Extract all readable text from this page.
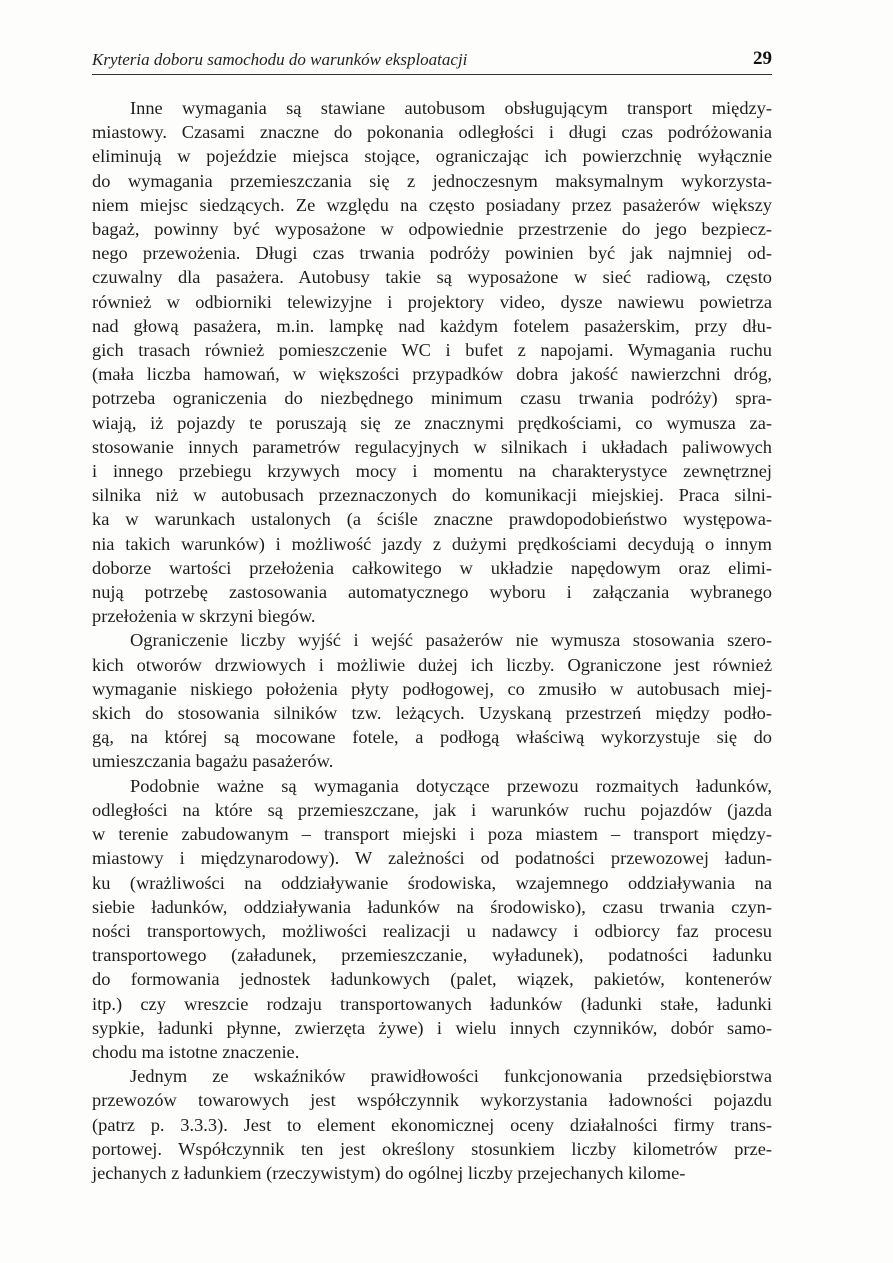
Kryteria doboru samochodu do warunków eksploatacji	29
Inne wymagania są stawiane autobusom obsługującym transport między-
miastowy. Czasami znaczne do pokonania odległości i długi czas podróżowania
eliminują w pojeździe miejsca stojące, ograniczając ich powierzchnię wyłącznie
do wymagania przemieszczania się z jednoczesnym maksymalnym wykorzysta-
niem miejsc siedzących. Ze względu na często posiadany przez pasażerów większy
bagaż, powinny być wyposażone w odpowiednie przestrzenie do jego bezpiecz-
nego przewożenia. Długi czas trwania podróży powinien być jak najmniej od-
czuwalny dla pasażera. Autobusy takie są wyposażone w sieć radiową, często
również w odbiorniki telewizyjne i projektory video, dysze nawiewu powietrza
nad głową pasażera, m.in. lampkę nad każdym fotelem pasażerskim, przy dłu-
gich trasach również pomieszczenie WC i bufet z napojami. Wymagania ruchu
(mała liczba hamowań, w większości przypadków dobra jakość nawierzchni dróg,
potrzeba ograniczenia do niezbędnego minimum czasu trwania podróży) spra-
wiają, iż pojazdy te poruszają się ze znacznymi prędkościami, co wymusza za-
stosowanie innych parametrów regulacyjnych w silnikach i układach paliwowych
i innego przebiegu krzywych mocy i momentu na charakterystyce zewnętrznej
silnika niż w autobusach przeznaczonych do komunikacji miejskiej. Praca silni-
ka w warunkach ustalonych (a ściśle znaczne prawdopodobieństwo występowa-
nia takich warunków) i możliwość jazdy z dużymi prędkościami decydują o innym
doborze wartości przełożenia całkowitego w układzie napędowym oraz elimi-
nują potrzebę zastosowania automatycznego wyboru i załączania wybranego
przełożenia w skrzyni biegów.
Ograniczenie liczby wyjść i wejść pasażerów nie wymusza stosowania szero-
kich otworów drzwiowych i możliwie dużej ich liczby. Ograniczone jest również
wymaganie niskiego położenia płyty podłogowej, co zmusiło w autobusach miej-
skich do stosowania silników tzw. leżących. Uzyskaną przestrzeń między podło-
gą, na której są mocowane fotele, a podłogą właściwą wykorzystuje się do
umieszczania bagażu pasażerów.
Podobnie ważne są wymagania dotyczące przewozu rozmaitych ładunków,
odległości na które są przemieszczane, jak i warunków ruchu pojazdów (jazda
w terenie zabudowanym – transport miejski i poza miastem – transport między-
miastowy i międzynarodowy). W zależności od podatności przewozowej ładun-
ku (wrażliwości na oddziaływanie środowiska, wzajemnego oddziaływania na
siebie ładunków, oddziaływania ładunków na środowisko), czasu trwania czyn-
ności transportowych, możliwości realizacji u nadawcy i odbiorcy faz procesu
transportowego (załadunek, przemieszczanie, wyładunek), podatności ładunku
do formowania jednostek ładunkowych (palet, wiązek, pakietów, kontenerów
itp.) czy wreszcie rodzaju transportowanych ładunków (ładunki stałe, ładunki
sypkie, ładunki płynne, zwierzęta żywe) i wielu innych czynników, dobór samo-
chodu ma istotne znaczenie.
Jednym ze wskaźników prawidłowości funkcjonowania przedsiębiorstwa
przewozów towarowych jest współczynnik wykorzystania ładowności pojazdu
(patrz p. 3.3.3). Jest to element ekonomicznej oceny działalności firmy trans-
portowej. Współczynnik ten jest określony stosunkiem liczby kilometrów prze-
jechanych z ładunkiem (rzeczywistym) do ogólnej liczby przejechanych kilome-
